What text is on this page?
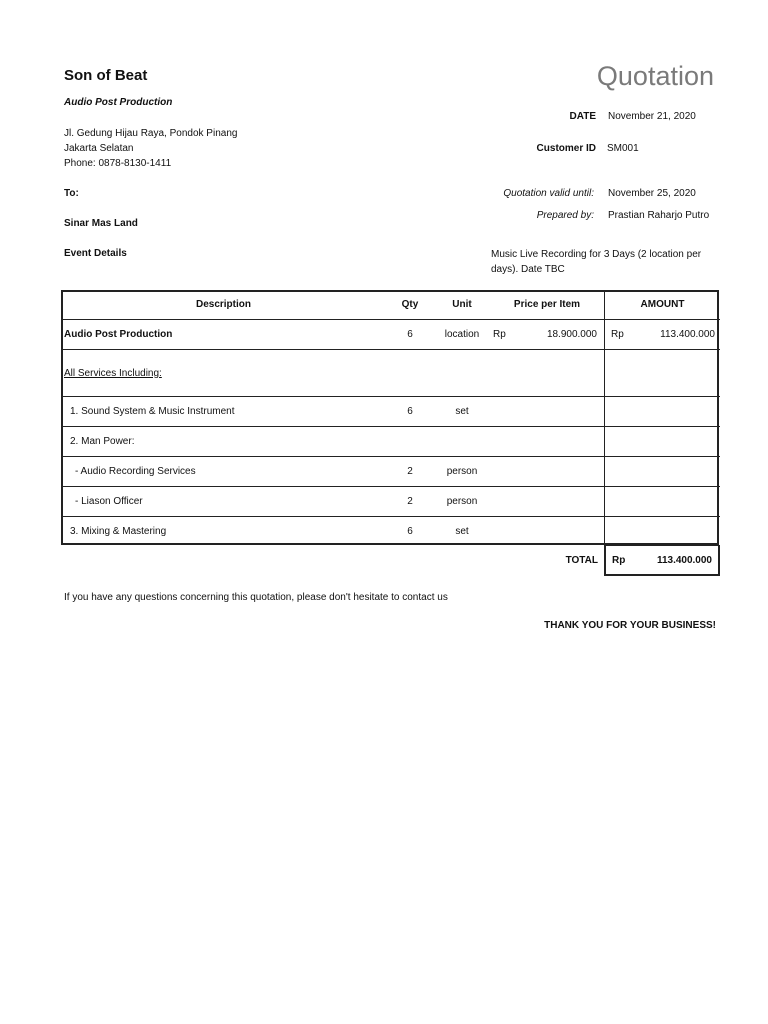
Son of Beat
Audio Post Production
Quotation
Jl. Gedung Hijau Raya, Pondok Pinang
Jakarta Selatan
Phone: 0878-8130-1411
DATE November 21, 2020
Customer ID SM001
Quotation valid until: November 25, 2020
Prepared by: Prastian Raharjo Putro
To:
Sinar Mas Land
Event Details	Music Live Recording for 3 Days (2 location per days). Date TBC
Description	Qty	Unit	Price per Item	AMOUNT
Audio Post Production	6	location	Rp 18.900.000	Rp 113.400.000

All Services Including:				
1. Sound System & Music Instrument	6	set		
2. Man Power:				
- Audio Recording Services	2	person		
- Liason Officer	2	person		
3. Mixing & Mastering	6	set		
TOTAL Rp	113.400.000
If you have any questions concerning this quotation, please don't hesitate to contact us
THANK YOU FOR YOUR BUSINESS!
